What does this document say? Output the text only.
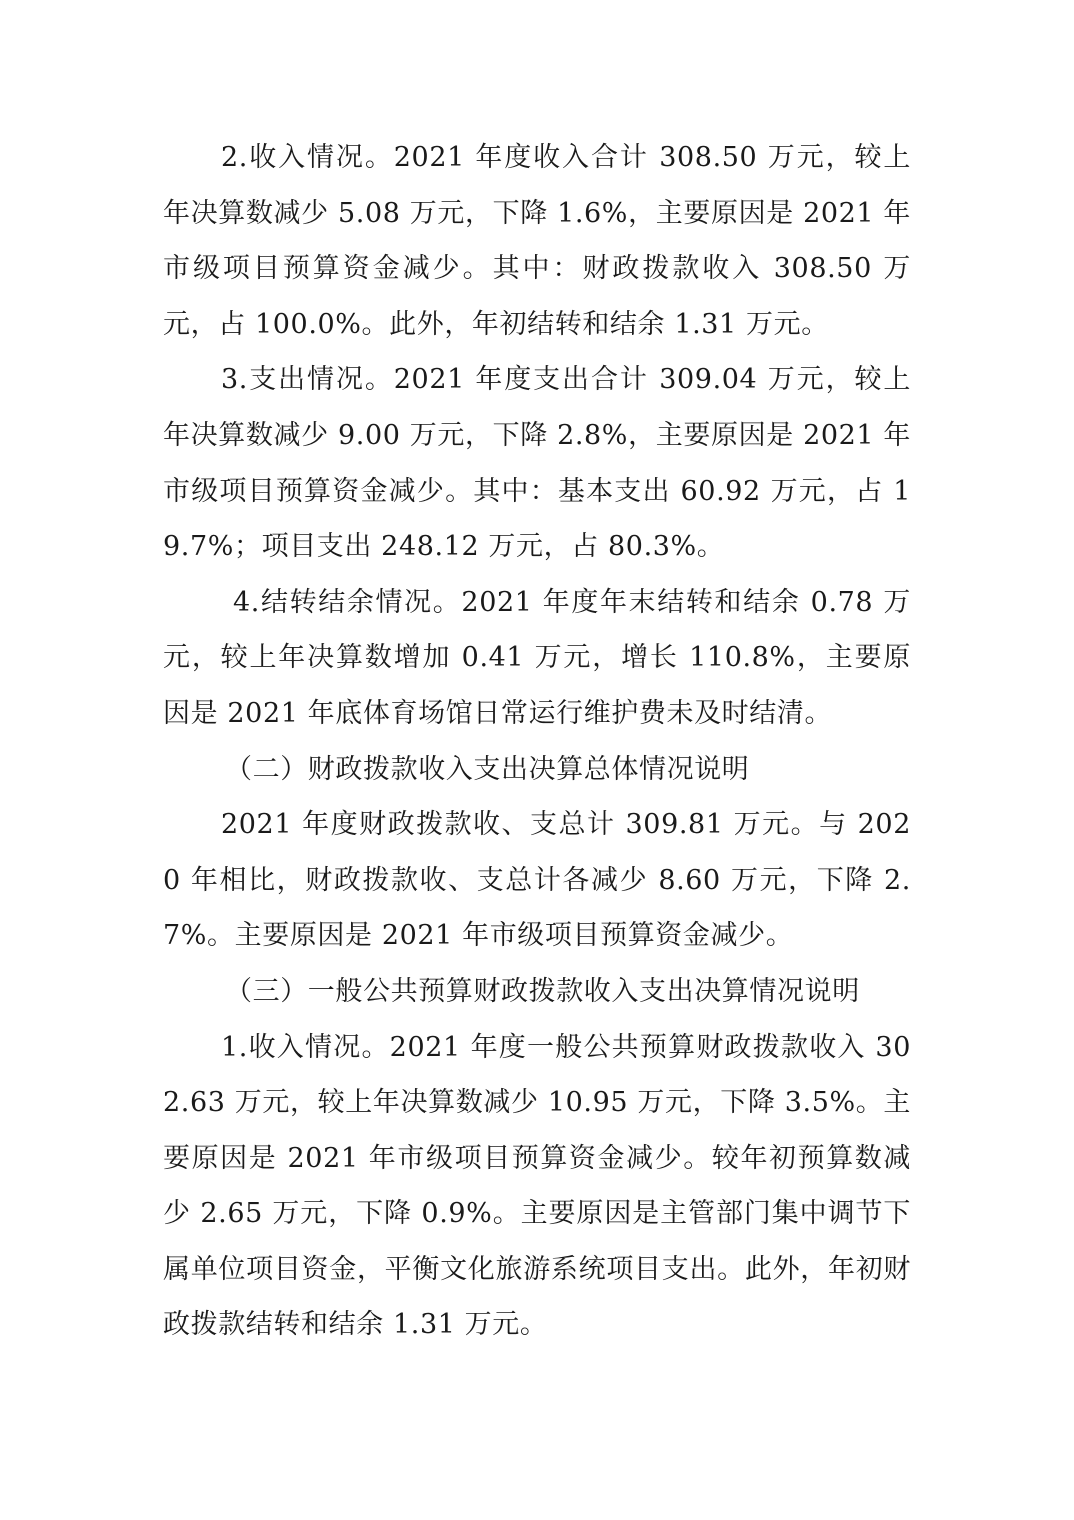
2.收入情况。2021 年度收入合计 308.50 万元，较上年决算数减少 5.08 万元，下降 1.6%，主要原因是 2021 年市级项目预算资金减少。其中：财政拨款收入 308.50 万元，占 100.0%。此外，年初结转和结余 1.31 万元。

3.支出情况。2021 年度支出合计 309.04 万元，较上年决算数减少 9.00 万元，下降 2.8%，主要原因是 2021 年市级项目预算资金减少。其中：基本支出 60.92 万元，占 19.7%；项目支出 248.12 万元，占 80.3%。

4.结转结余情况。2021 年度年末结转和结余 0.78 万元，较上年决算数增加 0.41 万元，增长 110.8%，主要原因是 2021 年底体育场馆日常运行维护费未及时结清。

（二）财政拨款收入支出决算总体情况说明

2021 年度财政拨款收、支总计 309.81 万元。与 2020 年相比，财政拨款收、支总计各减少 8.60 万元，下降 2.7%。主要原因是 2021 年市级项目预算资金减少。

（三）一般公共预算财政拨款收入支出决算情况说明

1.收入情况。2021 年度一般公共预算财政拨款收入 302.63 万元，较上年决算数减少 10.95 万元，下降 3.5%。主要原因是 2021 年市级项目预算资金减少。较年初预算数减少 2.65 万元，下降 0.9%。主要原因是主管部门集中调节下属单位项目资金，平衡文化旅游系统项目支出。此外，年初财政拨款结转和结余 1.31 万元。
